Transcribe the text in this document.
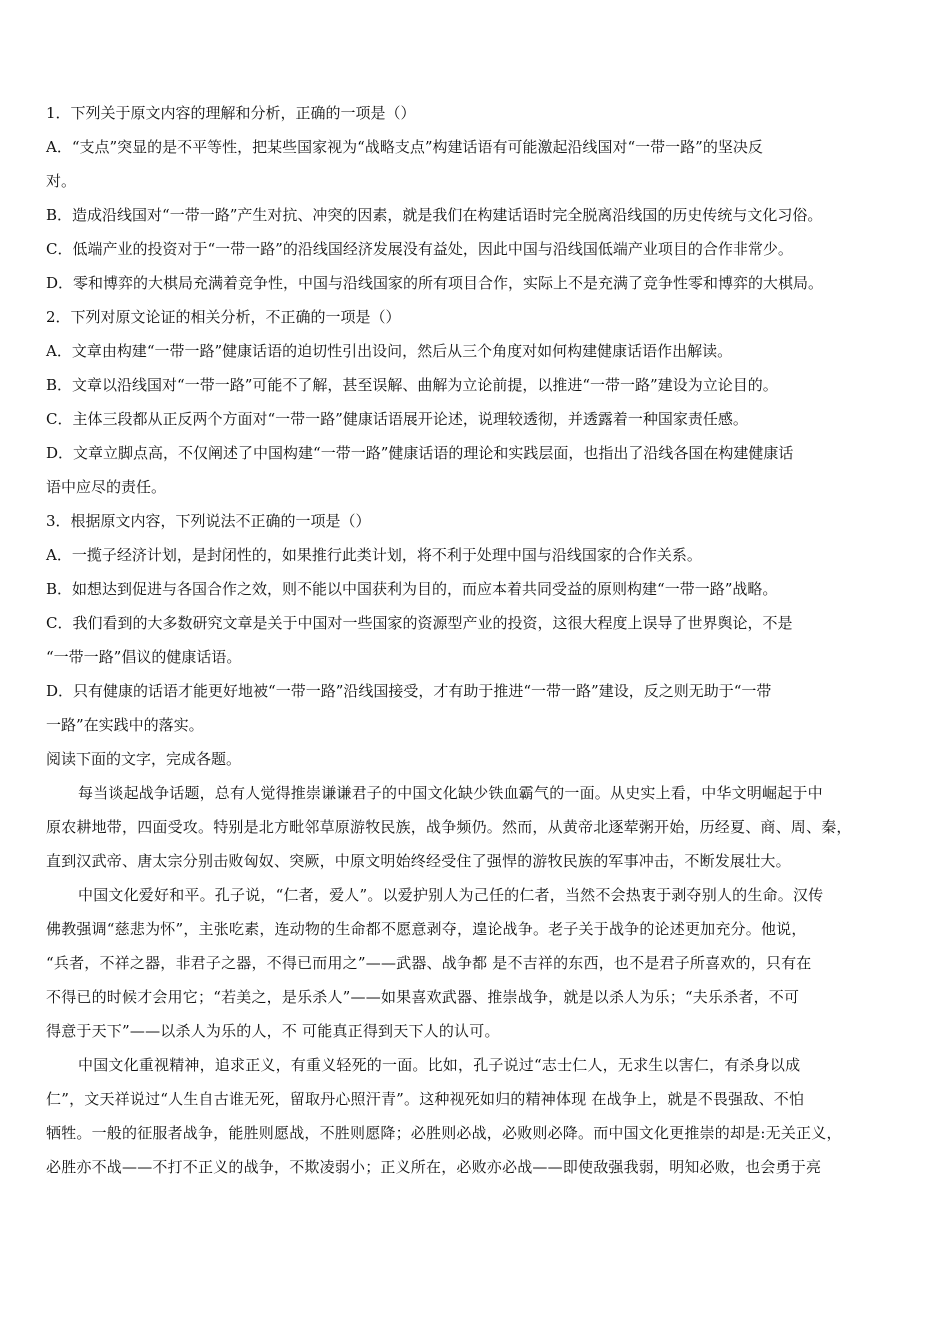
1．下列关于原文内容的理解和分析，正确的一项是（）
A．“支点”突显的是不平等性，把某些国家视为“战略支点”构建话语有可能激起沿线国对“一带一路”的坚决反
对。
B．造成沿线国对“一带一路”产生对抗、冲突的因素，就是我们在构建话语时完全脱离沿线国的历史传统与文化习俗。
C．低端产业的投资对于“一带一路”的沿线国经济发展没有益处，因此中国与沿线国低端产业项目的合作非常少。
D．零和博弈的大棋局充满着竞争性，中国与沿线国家的所有项目合作，实际上不是充满了竞争性零和博弈的大棋局。
2．下列对原文论证的相关分析，不正确的一项是（）
A．文章由构建“一带一路”健康话语的迫切性引出设问，然后从三个角度对如何构建健康话语作出解读。
B．文章以沿线国对“一带一路”可能不了解，甚至误解、曲解为立论前提，以推进“一带一路”建设为立论目的。
C．主体三段都从正反两个方面对“一带一路”健康话语展开论述，说理较透彻，并透露着一种国家责任感。
D．文章立脚点高，不仅阐述了中国构建“一带一路”健康话语的理论和实践层面，也指出了沿线各国在构建健康话
语中应尽的责任。
3．根据原文内容，下列说法不正确的一项是（）
A．一揽子经济计划，是封闭性的，如果推行此类计划，将不利于处理中国与沿线国家的合作关系。
B．如想达到促进与各国合作之效，则不能以中国获利为目的，而应本着共同受益的原则构建“一带一路”战略。
C．我们看到的大多数研究文章是关于中国对一些国家的资源型产业的投资，这很大程度上误导了世界舆论，不是
“一带一路”倡议的健康话语。
D．只有健康的话语才能更好地被“一带一路”沿线国接受，才有助于推进“一带一路”建设，反之则无助于“一带
一路”在实践中的落实。
阅读下面的文字，完成各题。
每当谈起战争话题，总有人觉得推崇谦谦君子的中国文化缺少铁血霸气的一面。从史实上看，中华文明崛起于中
原农耕地带，四面受攻。特别是北方毗邻草原游牧民族，战争频仍。然而，从黄帝北逐荤粥开始，历经夏、商、周、秦，
直到汉武帝、唐太宗分别击败匈奴、突厥，中原文明始终经受住了强悍的游牧民族的军事冲击，不断发展壮大。
中国文化爱好和平。孔子说，“仁者，爱人”。以爱护别人为己任的仁者，当然不会热衷于剥夺别人的生命。汉传
佛教强调“慈悲为怀”，主张吃素，连动物的生命都不愿意剥夺，遑论战争。老子关于战争的论述更加充分。他说，
“兵者，不祥之器，非君子之器，不得已而用之”——武器、战争都 是不吉祥的东西，也不是君子所喜欢的，只有在
不得已的时候才会用它；“若美之，是乐杀人”——如果喜欢武器、推崇战争，就是以杀人为乐；“夫乐杀者，不可
得意于天下”——以杀人为乐的人，不 可能真正得到天下人的认可。
中国文化重视精神，追求正义，有重义轻死的一面。比如，孔子说过“志士仁人，无求生以害仁，有杀身以成
仁”，文天祥说过“人生自古谁无死，留取丹心照汗青”。这种视死如归的精神体现 在战争上，就是不畏强敌、不怕
牺牲。一般的征服者战争，能胜则愿战，不胜则愿降；必胜则必战，必败则必降。而中国文化更推崇的却是:无关正义，
必胜亦不战——不打不正义的战争，不欺凌弱小；正义所在，必败亦必战——即使敌强我弱，明知必败，也会勇于亮
